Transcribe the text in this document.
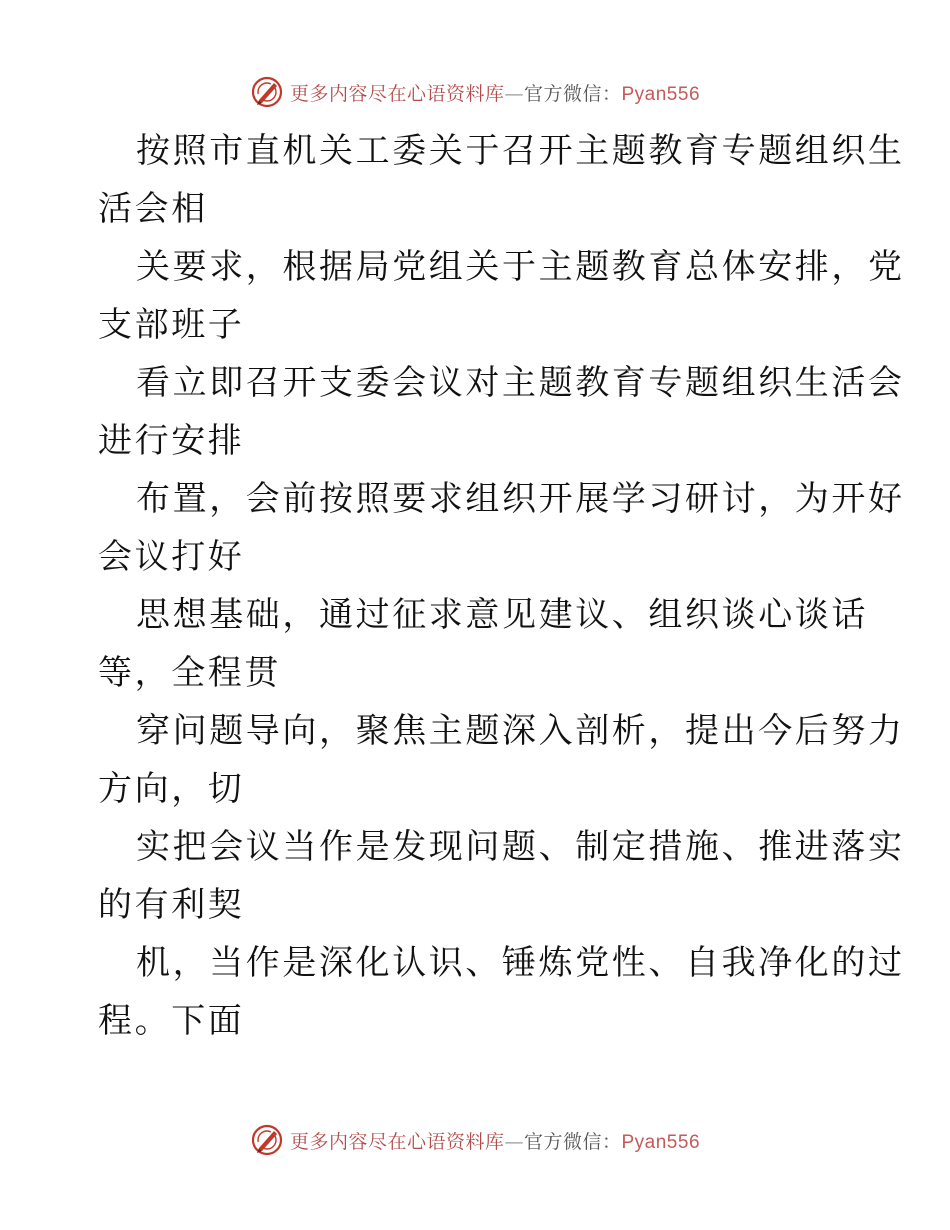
更多内容尽在心语资料库—官方微信：Pyan556

按照市直机关工委关于召开主题教育专题组织生
活会相

关要求，根据局党组关于主题教育总体安排，党
支部班子

看立即召开支委会议对主题教育专题组织生活会
进行安排

布置，会前按照要求组织开展学习研讨，为开好
会议打好

思想基础，通过征求意见建议、组织谈心谈话
等，全程贯

穿问题导向，聚焦主题深入剖析，提出今后努力
方向，切

实把会议当作是发现问题、制定措施、推进落实
的有利契

机，当作是深化认识、锤炼党性、自我净化的过
程。下面

更多内容尽在心语资料库—官方微信：Pyan556
